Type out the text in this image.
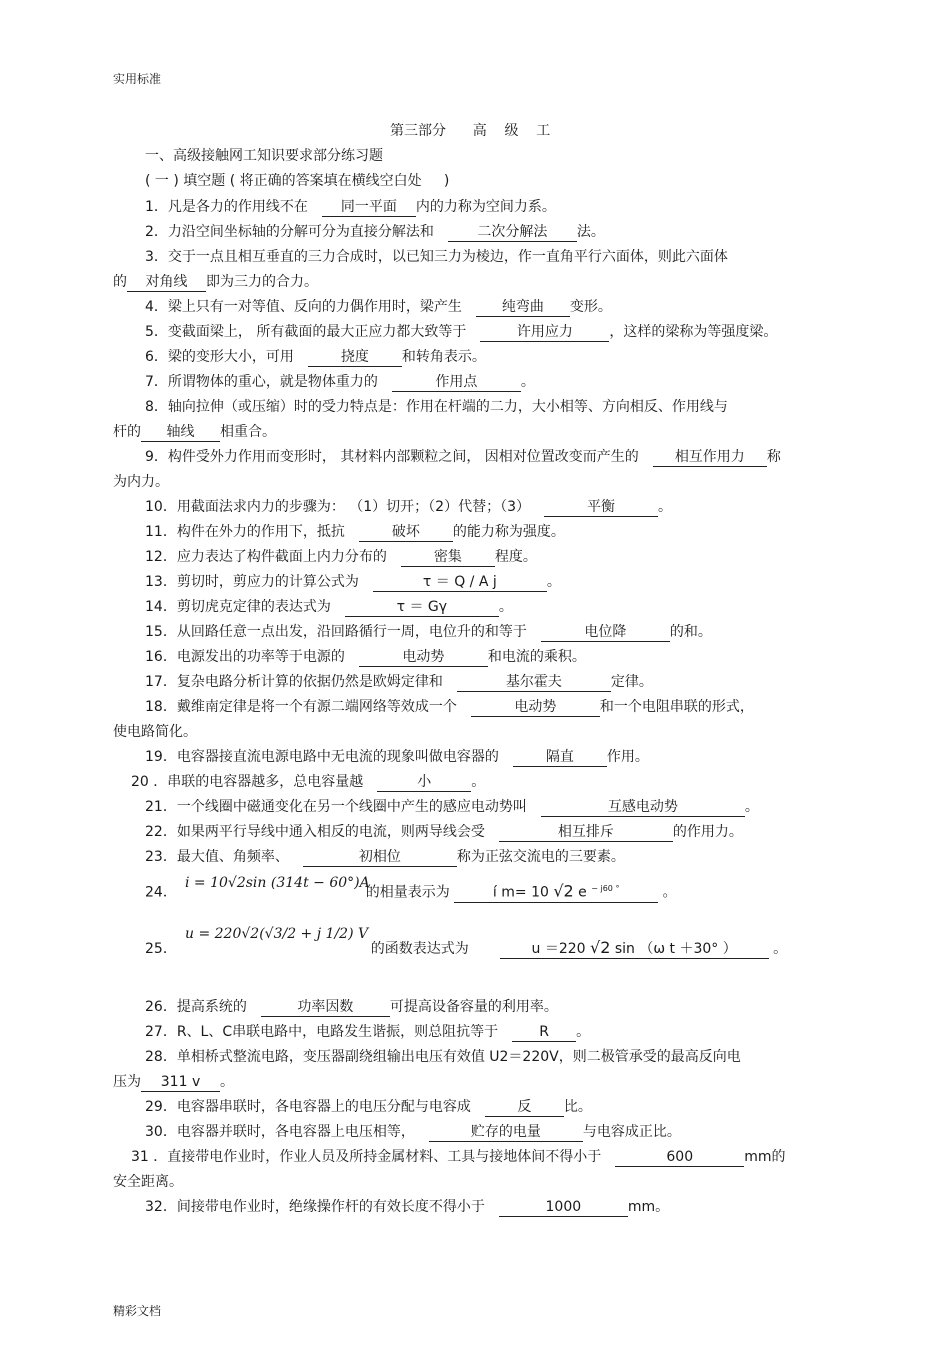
实用标准
第三部分      高    级    工
一、高级接触网工知识要求部分练习题
( 一 ) 填空题 ( 将正确的答案填在横线空白处     )
1．凡是各力的作用线不在 同一平面 内的力称为空间力系。
2．力沿空间坐标轴的分解可分为直接分解法和	二次分解法 法。
3．交于一点且相互垂直的三力合成时，以已知三力为棱边，作一直角平行六面体，则此六面体
的 对角线 即为三力的合力。
4．梁上只有一对等值、反向的力偶作用时，梁产生	纯弯曲 变形。
5．变截面梁上， 所有截面的最大正应力都大致等于	许用应力	，这样的梁称为等强度梁。
6．梁的变形大小，可用	挠度 和转角表示。
7．所谓物体的重心，就是物体重力的	作用点	。
8．轴向拉伸（或压缩）时的受力特点是：作用在杆端的二力，大小相等、方向相反、作用线与
杆的 轴线 相重合。
9．构件受外力作用而变形时， 其材料内部颗粒之间， 因相对位置改变而产生的	相互作用力 称
为内力。
10．用截面法求内力的步骤为： （1）切开；（2）代替；（3）	平衡	。
11．构件在外力的作用下，抵抗	破坏 的能力称为强度。
12．应力表达了构件截面上内力分布的	密集 程度。
13．剪切时，剪应力的计算公式为	τ ＝ Q / A j	。
14．剪切虎克定律的表达式为	τ ＝ Gγ	。
15．从回路任意一点出发，沿回路循行一周，电位升的和等于	电位降	的和。
16．电源发出的功率等于电源的	电动势	和电流的乘积。
17．复杂电路分析计算的依据仍然是欧姆定律和	基尔霍夫	定律。
18．戴维南定律是将一个有源二端网络等效成一个	电动势	和一个电阻串联的形式，
使电路简化。
19．电容器接直流电源电路中无电流的现象叫做电容器的	隔直 作用。
20 ．串联的电容器越多，总电容量越	小	。
21．一个线圈中磁通变化在另一个线圈中产生的感应电动势叫	互感电动势	。
22．如果两平行导线中通入相反的电流，则两导线会受	相互排斥	的作用力。
23．最大值、角频率、	初相位	称为正弦交流电的三要素。
26．提高系统的	功率因数	可提高设备容量的利用率。
27．R、L、C串联电路中，电路发生谐振，则总阻抗等于	R 。
28．单相桥式整流电路，变压器副绕组输出电压有效值 U2＝220V，则二极管承受的最高反向电
压为 311 v 。
29．电容器串联时，各电容器上的电压分配与电容成	反 比。
30．电容器并联时，各电容器上电压相等，	贮存的电量	与电容成正比。
31 ．直接带电作业时，作业人员及所持金属材料、工具与接地体间不得小于	600	mm的
安全距离。
32．间接带电作业时，绝缘操作杆的有效长度不得小于	1000	mm。
i = 10√2sin (314t − 60°)A
u = 220√2(√3/2 + j 1/2) V
24．	的相量表示为	í m= 10 √2 e $^{- j60 ^\circ}$	。
25．	的函数表达式为	u ＝220 √2 sin （ω t ＋30° ）	。
精彩文档
